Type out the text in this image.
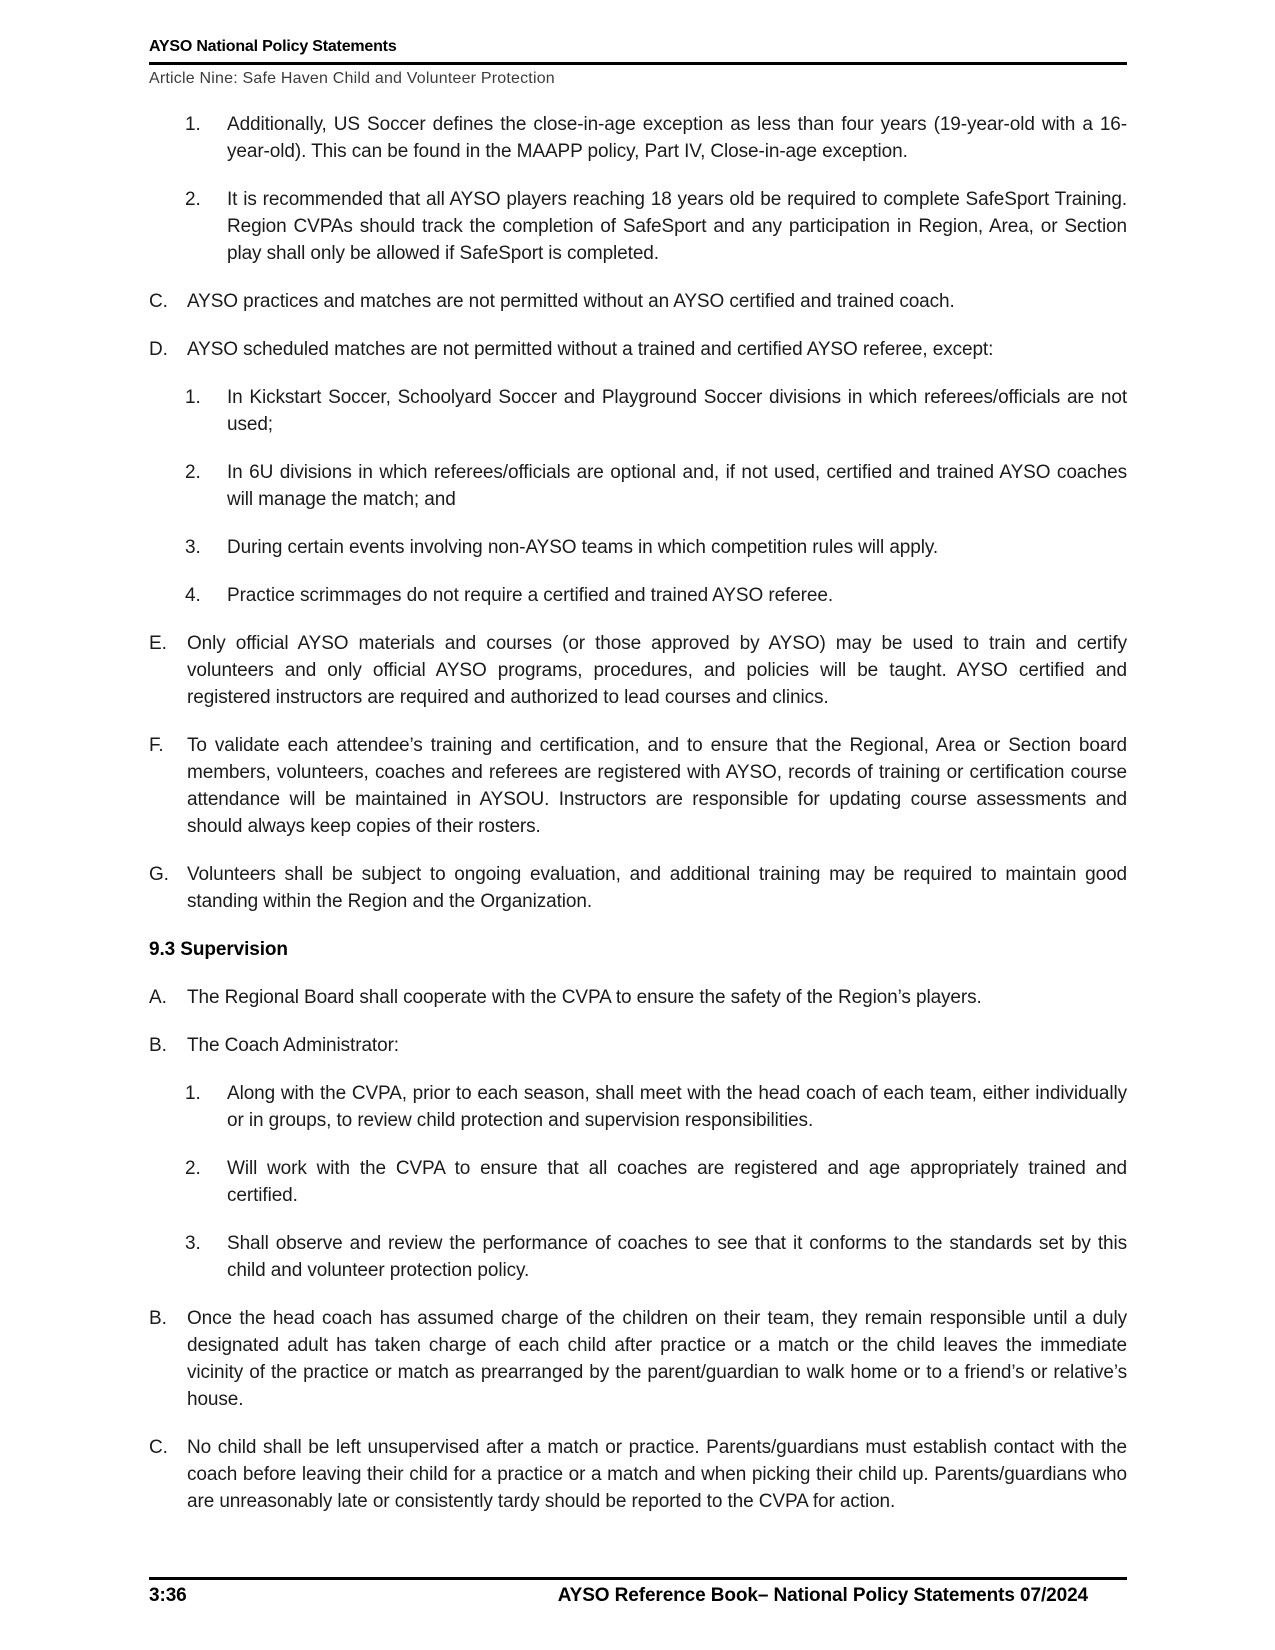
AYSO National Policy Statements
Article Nine: Safe Haven Child and Volunteer Protection
1.	Additionally, US Soccer defines the close-in-age exception as less than four years (19-year-old with a 16-year-old). This can be found in the MAAPP policy, Part IV, Close-in-age exception.
2.	It is recommended that all AYSO players reaching 18 years old be required to complete SafeSport Training. Region CVPAs should track the completion of SafeSport and any participation in Region, Area, or Section play shall only be allowed if SafeSport is completed.
C.	AYSO practices and matches are not permitted without an AYSO certified and trained coach.
D.	AYSO scheduled matches are not permitted without a trained and certified AYSO referee, except:
1.	In Kickstart Soccer, Schoolyard Soccer and Playground Soccer divisions in which referees/officials are not used;
2.	In 6U divisions in which referees/officials are optional and, if not used, certified and trained AYSO coaches will manage the match; and
3.	During certain events involving non-AYSO teams in which competition rules will apply.
4.	Practice scrimmages do not require a certified and trained AYSO referee.
E.	Only official AYSO materials and courses (or those approved by AYSO) may be used to train and certify volunteers and only official AYSO programs, procedures, and policies will be taught. AYSO certified and registered instructors are required and authorized to lead courses and clinics.
F.	To validate each attendee’s training and certification, and to ensure that the Regional, Area or Section board members, volunteers, coaches and referees are registered with AYSO, records of training or certification course attendance will be maintained in AYSOU. Instructors are responsible for updating course assessments and should always keep copies of their rosters.
G. Volunteers shall be subject to ongoing evaluation, and additional training may be required to maintain good standing within the Region and the Organization.
9.3 Supervision
A.	The Regional Board shall cooperate with the CVPA to ensure the safety of the Region’s players.
B.	The Coach Administrator:
1.	Along with the CVPA, prior to each season, shall meet with the head coach of each team, either individually or in groups, to review child protection and supervision responsibilities.
2.	Will work with the CVPA to ensure that all coaches are registered and age appropriately trained and certified.
3.	Shall observe and review the performance of coaches to see that it conforms to the standards set by this child and volunteer protection policy.
B.	Once the head coach has assumed charge of the children on their team, they remain responsible until a duly designated adult has taken charge of each child after practice or a match or the child leaves the immediate vicinity of the practice or match as prearranged by the parent/guardian to walk home or to a friend’s or relative’s house.
C.	No child shall be left unsupervised after a match or practice. Parents/guardians must establish contact with the coach before leaving their child for a practice or a match and when picking their child up. Parents/guardians who are unreasonably late or consistently tardy should be reported to the CVPA for action.
3:36	AYSO Reference Book– National Policy Statements 07/2024
